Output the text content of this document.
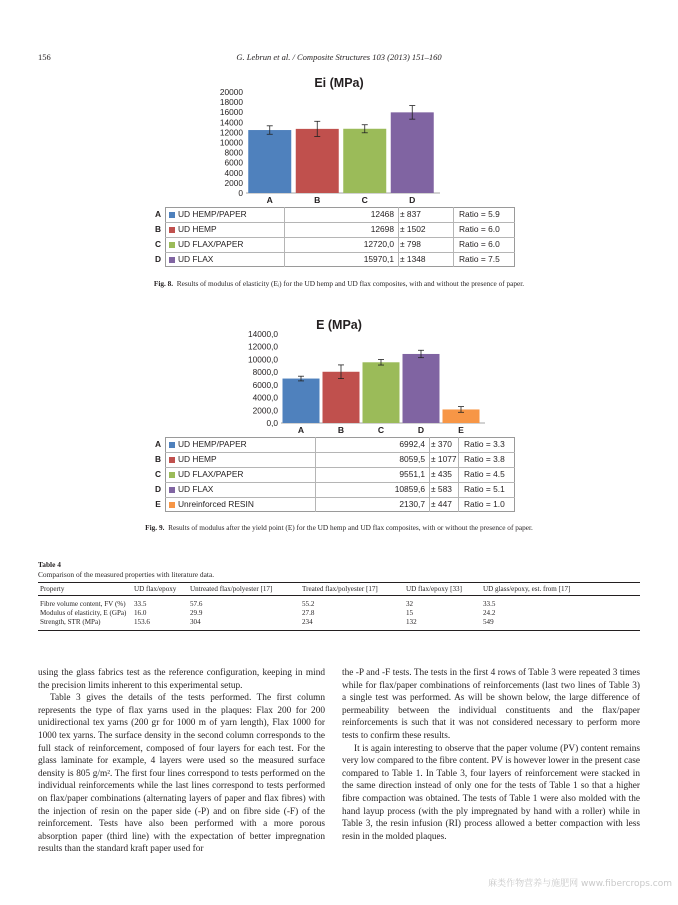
156	G. Lebrun et al. / Composite Structures 103 (2013) 151–160
Ei (MPa)
0
2000
4000
6000
8000
10000
12000
14000
16000
18000
20000
A	B	C	D
A	UD HEMP/PAPER	12468 ± 837	Ratio = 5.9
B	UD HEMP	12698 ± 1502	Ratio = 6.0
C	UD FLAX/PAPER	12720,0 ± 798	Ratio = 6.0
D	UD FLAX	15970,1 ± 1348	Ratio = 7.5
Fig. 8. Results of modulus of elasticity (Eᵢ) for the UD hemp and UD flax composites, with and without the presence of paper.
E (MPa)
0,0
2000,0
4000,0
6000,0
8000,0
10000,0
12000,0
14000,0
A	B	C	D	E
A	UD HEMP/PAPER	6992,4 ± 370	Ratio = 3.3
B	UD HEMP	8059,5 ± 1077 Ratio = 3.8
C	UD FLAX/PAPER	9551,1 ± 435	Ratio = 4.5
D	UD FLAX	10859,6 ± 583	Ratio = 5.1
E	Unreinforced RESIN	2130,7 ± 447	Ratio = 1.0
Fig. 9. Results of modulus after the yield point (E) for the UD hemp and UD flax composites, with or without the presence of paper.
Table 4
Comparison of the measured properties with literature data.
Property	UD flax/epoxy	Untreated flax/polyester [17]	Treated flax/polyester [17]	UD flax/epoxy [33]	UD glass/epoxy, est. from [17]
Fibre volume content, FV (%)	33.5	57.6	55.2	32	33.5
Modulus of elasticity, E (GPa)	16.0	29.9	27.8	15	24.2
Strength, STR (MPa)	153.6	304	234	132	549

using the glass fabrics test as the reference configuration, keeping in mind the precision limits inherent to this experimental setup.

Table 3 gives the details of the tests performed. The first column represents the type of flax yarns used in the plaques: Flax 200 for 200 unidirectional tex yarns (200 gr for 1000 m of yarn length), Flax 1000 for 1000 tex yarns. The surface density in the second column corresponds to the full stack of reinforcement, composed of four layers for each test. For the glass laminate for example, 4 layers were used so the measured surface density is 805 g/m². The first four lines correspond to tests performed on the individual reinforcements while the last lines correspond to tests performed on flax/paper combinations (alternating layers of paper and flax fibres) with the injection of resin on the paper side (-P) and on fibre side (-F) of the reinforcement. Tests have also been performed with a more porous absorption paper (third line) with the expectation of better impregnation results than the standard kraft paper used for

the -P and -F tests. The tests in the first 4 rows of Table 3 were repeated 3 times while for flax/paper combinations of reinforcements (last two lines of Table 3) a single test was performed. As will be shown below, the large difference of permeability between the individual constituents and the flax/paper reinforcements is such that it was not considered necessary to perform more tests to confirm these results.

It is again interesting to observe that the paper volume (PV) content remains very low compared to the fibre content. PV is however lower in the present case compared to Table 1. In Table 3, four layers of reinforcement were stacked in the same direction instead of only one for the tests of Table 1 so that a higher fibre compaction was obtained. The tests of Table 1 were also molded with the hand layup process (with the ply impregnated by hand with a roller) while in Table 3, the resin infusion (RI) process allowed a better compaction with less resin in the molded plaques.

麻类作物营养与施肥网 www.fibercrops.com
